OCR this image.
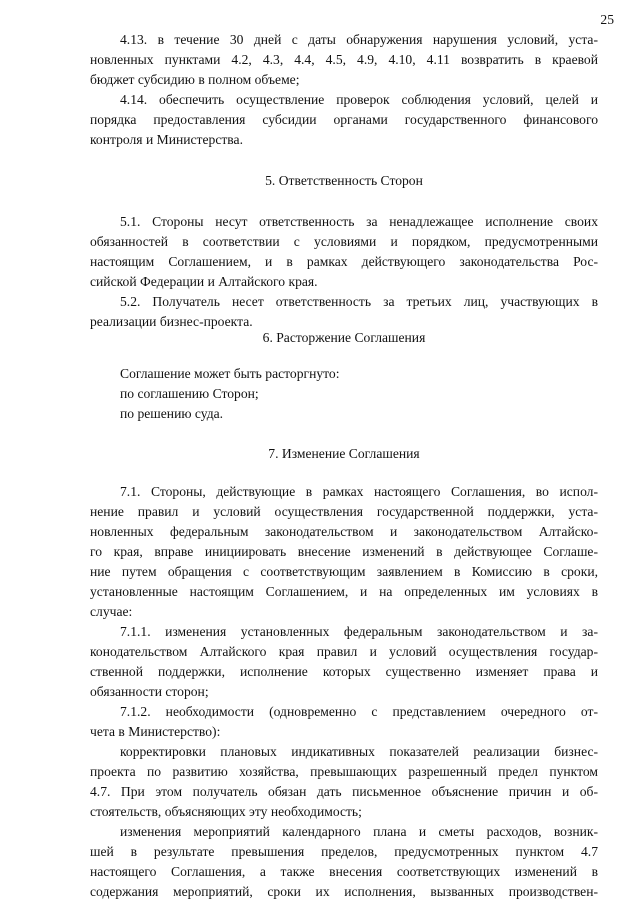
25
4.13. в течение 30 дней с даты обнаружения нарушения условий, уста-
новленных пунктами 4.2, 4.3, 4.4, 4.5, 4.9, 4.10, 4.11 возвратить в краевой
бюджет субсидию в полном объеме;
4.14. обеспечить осуществление проверок соблюдения условий, целей и
порядка предоставления субсидии органами государственного финансового
контроля и Министерства.
5. Ответственность Сторон
5.1. Стороны несут ответственность за ненадлежащее исполнение своих
обязанностей в соответствии с условиями и порядком, предусмотренными
настоящим Соглашением, и в рамках действующего законодательства Рос-
сийской Федерации и Алтайского края.
5.2. Получатель несет ответственность за третьих лиц, участвующих в
реализации бизнес-проекта.
6. Расторжение Соглашения
Соглашение может быть расторгнуто:
по соглашению Сторон;
по решению суда.
7. Изменение Соглашения
7.1. Стороны, действующие в рамках настоящего Соглашения, во испол-
нение правил и условий осуществления государственной поддержки, уста-
новленных федеральным законодательством и законодательством Алтайско-
го края, вправе инициировать внесение изменений в действующее Соглаше-
ние путем обращения с соответствующим заявлением в Комиссию в сроки,
установленные настоящим Соглашением, и на определенных им условиях в
случае:
7.1.1. изменения установленных федеральным законодательством и за-
конодательством Алтайского края правил и условий осуществления государ-
ственной поддержки, исполнение которых существенно изменяет права и
обязанности сторон;
7.1.2. необходимости (одновременно с представлением очередного от-
чета в Министерство):
корректировки плановых индикативных показателей реализации бизнес-
проекта по развитию хозяйства, превышающих разрешенный предел пунктом
4.7. При этом получатель обязан дать письменное объяснение причин и об-
стоятельств, объясняющих эту необходимость;
изменения мероприятий календарного плана и сметы расходов, возник-
шей в результате превышения пределов, предусмотренных пунктом 4.7
настоящего Соглашения, а также внесения соответствующих изменений в
содержания мероприятий, сроки их исполнения, вызванных производствен-
